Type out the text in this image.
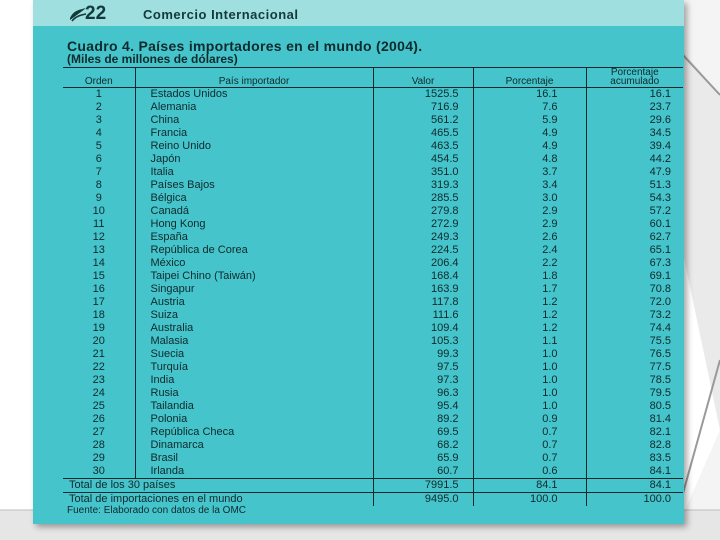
22	Comercio Internacional
Cuadro 4. Países importadores en el mundo (2004).
(Miles de millones de dólares)
Orden	País importador	Valor	Porcentaje	Porcentaje
acumulado

1	Estados Unidos	1525.5	16.1	16.1
2	Alemania	716.9	7.6	23.7
3	China	561.2	5.9	29.6
4	Francia	465.5	4.9	34.5
5	Reino Unido	463.5	4.9	39.4
6	Japón	454.5	4.8	44.2
7	Italia	351.0	3.7	47.9
8	Países Bajos	319.3	3.4	51.3
9	Bélgica	285.5	3.0	54.3
10	Canadá	279.8	2.9	57.2
11	Hong Kong	272.9	2.9	60.1
12	España	249.3	2.6	62.7
13	República de Corea	224.5	2.4	65.1
14	México	206.4	2.2	67.3
15	Taipei Chino (Taiwán)	168.4	1.8	69.1
16	Singapur	163.9	1.7	70.8
17	Austria	117.8	1.2	72.0
18	Suiza	111.6	1.2	73.2
19	Australia	109.4	1.2	74.4
20	Malasia	105.3	1.1	75.5
21	Suecia	99.3	1.0	76.5
22	Turquía	97.5	1.0	77.5
23	India	97.3	1.0	78.5
24	Rusia	96.3	1.0	79.5
25	Tailandia	95.4	1.0	80.5
26	Polonia	89.2	0.9	81.4
27	República Checa	69.5	0.7	82.1
28	Dinamarca	68.2	0.7	82.8
29	Brasil	65.9	0.7	83.5
30	Irlanda	60.7	0.6	84.1
Total de los 30 países		7991.5	84.1	84.1
Total de importaciones en el mundo		9495.0	100.0	100.0
Fuente: Elaborado con datos de la OMC
